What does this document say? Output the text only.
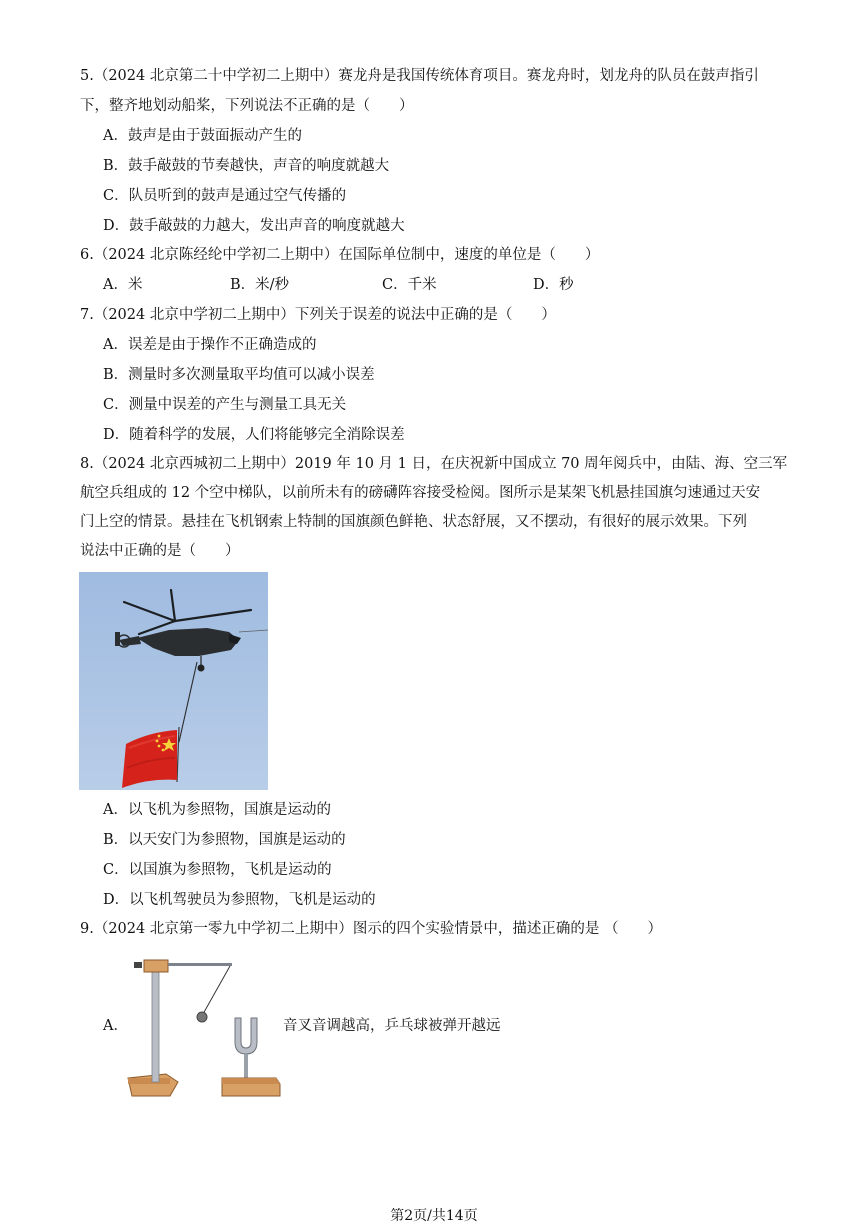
5.（2024 北京第二十中学初二上期中）赛龙舟是我国传统体育项目。赛龙舟时，划龙舟的队员在鼓声指引
下，整齐地划动船桨，下列说法不正确的是（　　）
A．鼓声是由于鼓面振动产生的
B．鼓手敲鼓的节奏越快，声音的响度就越大
C．队员听到的鼓声是通过空气传播的
D．鼓手敲鼓的力越大，发出声音的响度就越大
6.（2024 北京陈经纶中学初二上期中）在国际单位制中，速度的单位是（　　）
A．米	B．米/秒	C．千米	D．秒
7.（2024 北京中学初二上期中）下列关于误差的说法中正确的是（　　）
A．误差是由于操作不正确造成的
B．测量时多次测量取平均值可以减小误差
C．测量中误差的产生与测量工具无关
D．随着科学的发展，人们将能够完全消除误差
8.（2024 北京西城初二上期中）2019 年 10 月 1 日，在庆祝新中国成立 70 周年阅兵中，由陆、海、空三军
航空兵组成的 12 个空中梯队，以前所未有的磅礴阵容接受检阅。图所示是某架飞机悬挂国旗匀速通过天安
门上空的情景。悬挂在飞机钢索上特制的国旗颜色鲜艳、状态舒展，又不摆动，有很好的展示效果。下列
说法中正确的是（　　）
A．以飞机为参照物，国旗是运动的
B．以天安门为参照物，国旗是运动的
C．以国旗为参照物，飞机是运动的
D．以飞机驾驶员为参照物，飞机是运动的
9.（2024 北京第一零九中学初二上期中）图示的四个实验情景中，描述正确的是 （　　）
A．	音叉音调越高，乒乓球被弹开越远
第2页/共14页
